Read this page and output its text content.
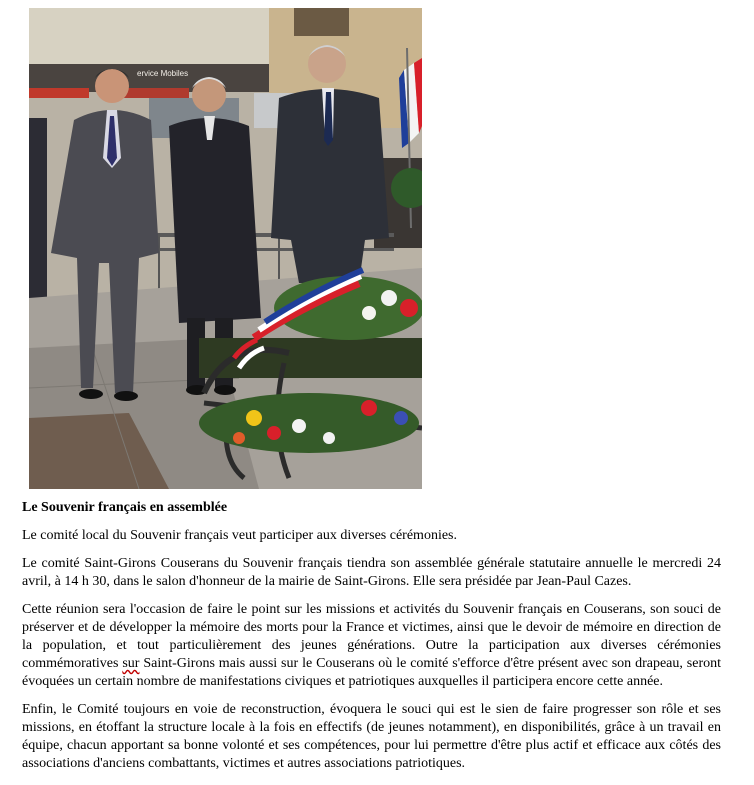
ervice Mobiles
Le Souvenir français en assemblée

Le comité local du Souvenir français veut participer aux diverses cérémonies.

Le comité Saint-Girons Couserans du Souvenir français tiendra son assemblée générale statutaire annuelle le mercredi 24 avril, à 14 h 30, dans le salon d'honneur de la mairie de Saint-Girons. Elle sera présidée par Jean-Paul Cazes.

Cette réunion sera l'occasion de faire le point sur les missions et activités du Souvenir français en Couserans, son souci de préserver et de développer la mémoire des morts pour la France et victimes, ainsi que le devoir de mémoire en direction de la population, et tout particulièrement des jeunes générations. Outre la participation aux diverses cérémonies commémoratives sur Saint-Girons mais aussi sur le Couserans où le comité s'efforce d'être présent avec son drapeau, seront évoquées un certain nombre de manifestations civiques et patriotiques auxquelles il participera encore cette année.

Enfin, le Comité toujours en voie de reconstruction, évoquera le souci qui est le sien de faire progresser son rôle et ses missions, en étoffant la structure locale à la fois en effectifs (de jeunes notamment), en disponibilités, grâce à un travail en équipe, chacun apportant sa bonne volonté et ses compétences, pour lui permettre d'être plus actif et efficace aux côtés des associations d'anciens combattants, victimes et autres associations patriotiques.
